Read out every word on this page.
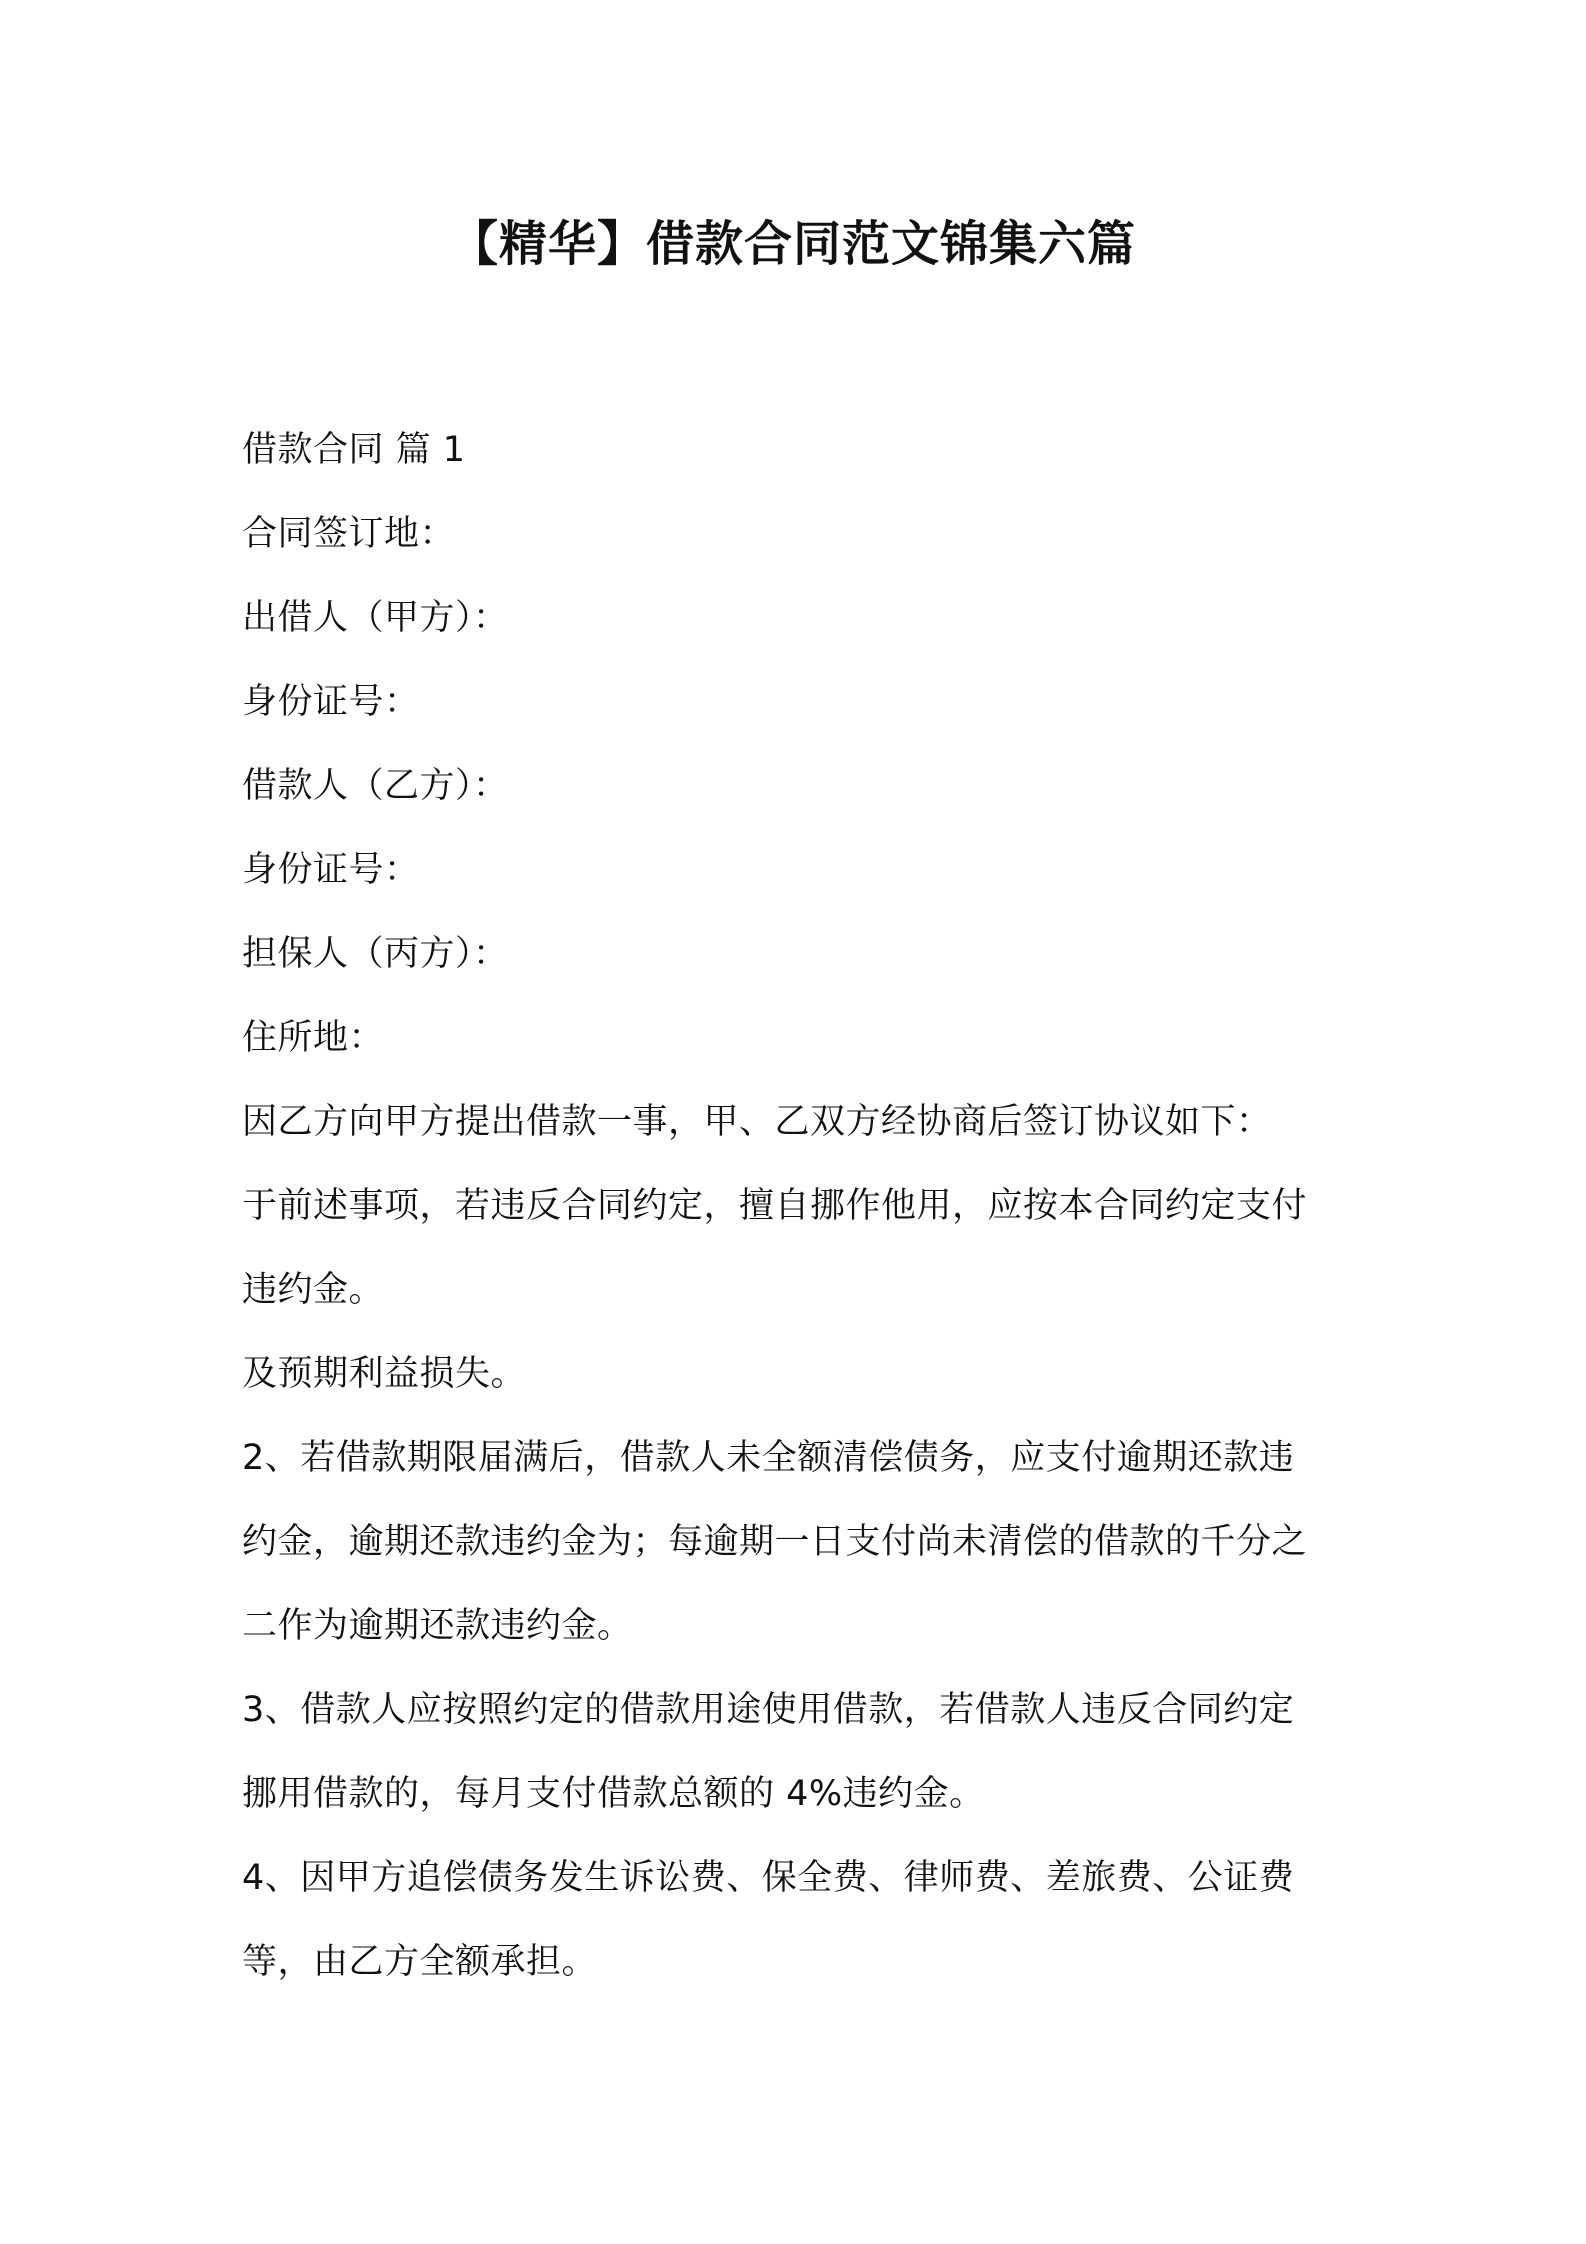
【精华】借款合同范文锦集六篇
借款合同 篇 1
合同签订地：
出借人（甲方）：
身份证号：
借款人（乙方）：
身份证号：
担保人（丙方）：
住所地：
因乙方向甲方提出借款一事，甲、乙双方经协商后签订协议如下：
于前述事项，若违反合同约定，擅自挪作他用，应按本合同约定支付
违约金。
及预期利益损失。
2、若借款期限届满后，借款人未全额清偿债务，应支付逾期还款违
约金，逾期还款违约金为；每逾期一日支付尚未清偿的借款的千分之
二作为逾期还款违约金。
3、借款人应按照约定的借款用途使用借款，若借款人违反合同约定
挪用借款的，每月支付借款总额的 4%违约金。
4、因甲方追偿债务发生诉讼费、保全费、律师费、差旅费、公证费
等，由乙方全额承担。
